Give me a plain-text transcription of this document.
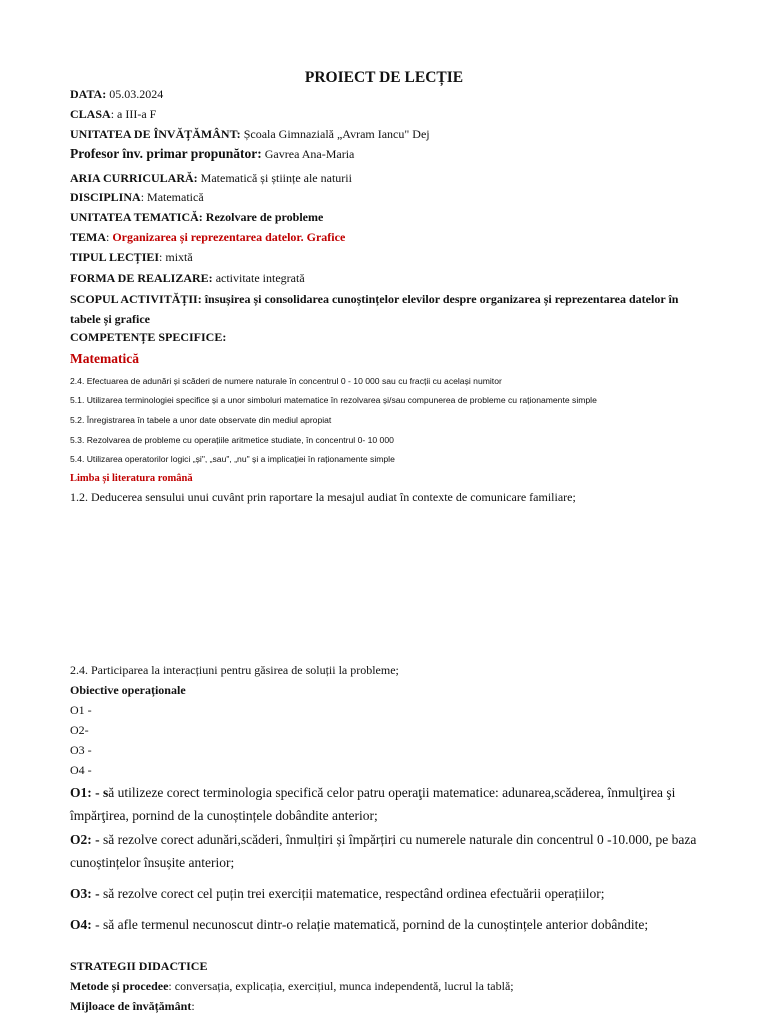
PROIECT DE LECȚIE
DATA: 05.03.2024
CLASA: a III-a F
UNITATEA DE ÎNVĂȚĂMÂNT: Școala Gimnazială „Avram Iancu" Dej
Profesor înv. primar propunător: Gavrea Ana-Maria
ARIA CURRICULARĂ: Matematică și științe ale naturii
DISCIPLINA: Matematică
UNITATEA TEMATICĂ: Rezolvare de probleme
TEMA: Organizarea și reprezentarea datelor. Grafice
TIPUL LECȚIEI: mixtă
FORMA DE REALIZARE: activitate integrată
SCOPUL ACTIVITĂȚII: însușirea și consolidarea cunoștințelor elevilor despre organizarea și reprezentarea datelor în tabele și grafice
COMPETENȚE SPECIFICE:
Matematică
2.4. Efectuarea de adunări și scăderi de numere naturale în concentrul 0 - 10 000 sau cu fracții cu același numitor
5.1. Utilizarea terminologiei specifice și a unor simboluri matematice în rezolvarea și/sau compunerea de probleme cu raționamente simple
5.2. Înregistrarea în tabele a unor date observate din mediul apropiat
5.3. Rezolvarea de probleme cu operațiile aritmetice studiate, în concentrul 0- 10 000
5.4. Utilizarea operatorilor logici „și", „sau", „nu" și a implicației în raționamente simple
Limba și literatura română
1.2. Deducerea sensului unui cuvânt prin raportare la mesajul audiat în contexte de comunicare familiare;
2.4. Participarea la interacțiuni pentru găsirea de soluții la probleme;
Obiective operaționale
O1 -
O2-
O3 -
O4 -
O1: - să utilizeze corect terminologia specifică celor patru operaţii matematice: adunarea,scăderea, înmulţirea şi împărţirea, pornind de la cunoștințele dobândite anterior;
O2: - să rezolve corect adunări,scăderi, înmulțiri și împărțiri cu numerele naturale din concentrul 0 -10.000, pe baza cunoștințelor însușite anterior;
O3: - să rezolve corect cel puțin trei exerciții matematice, respectând ordinea efectuării operațiilor;
O4: - să afle termenul necunoscut dintr-o relație matematică, pornind de la cunoștințele anterior dobândite;
STRATEGII DIDACTICE
Metode și procedee: conversația, explicația, exercițiul, munca independentă, lucrul la tablă;
Mijloace de învățământ:
